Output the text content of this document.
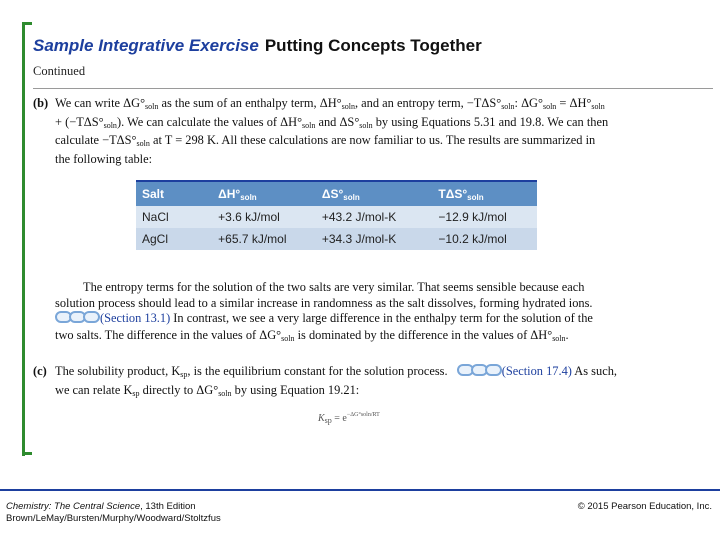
Sample Integrative Exercise Putting Concepts Together
Continued
(b) We can write $\Delta G^\circ_{soln}$ as the sum of an enthalpy term, $\Delta H^\circ_{soln}$, and an entropy term, $-T\Delta S^\circ_{soln}$: $\Delta G^\circ_{soln} = \Delta H^\circ_{soln}$
+ $(-T\Delta S^\circ_{soln})$. We can calculate the values of $\Delta H^\circ_{soln}$ and $\Delta S^\circ_{soln}$ by using Equations 5.31 and 19.8. We can then
calculate $-T\Delta S^\circ_{soln}$ at T = 298 K. All these calculations are now familiar to us. The results are summarized in
the following table:
Salt	$\Delta H^\circ_{soln}$	$\Delta S^\circ_{soln}$	$T\Delta S^\circ_{soln}$
NaCl	+3.6 kJ/mol	+43.2 J/mol-K	−12.9 kJ/mol
AgCl	+65.7 kJ/mol	+34.3 J/mol-K	−10.2 kJ/mol
The entropy terms for the solution of the two salts are very similar. That seems sensible because each
solution process should lead to a similar increase in randomness as the salt dissolves, forming hydrated ions.
(Section 13.1) In contrast, we see a very large difference in the enthalpy term for the solution of the
two salts. The difference in the values of $\Delta G^\circ_{soln}$ is dominated by the difference in the values of $\Delta H^\circ_{soln}$.
(c) The solubility product, $K_{sp}$, is the equilibrium constant for the solution process.	(Section 17.4) As such,
we can relate $K_{sp}$ directly to $\Delta G^\circ_{soln}$ by using Equation 19.21:
$K_{sp} = e^{-\Delta G^\circ soln/RT}$
Chemistry: The Central Science, 13th Edition
Brown/LeMay/Bursten/Murphy/Woodward/Stoltzfus
© 2015 Pearson Education, Inc.
